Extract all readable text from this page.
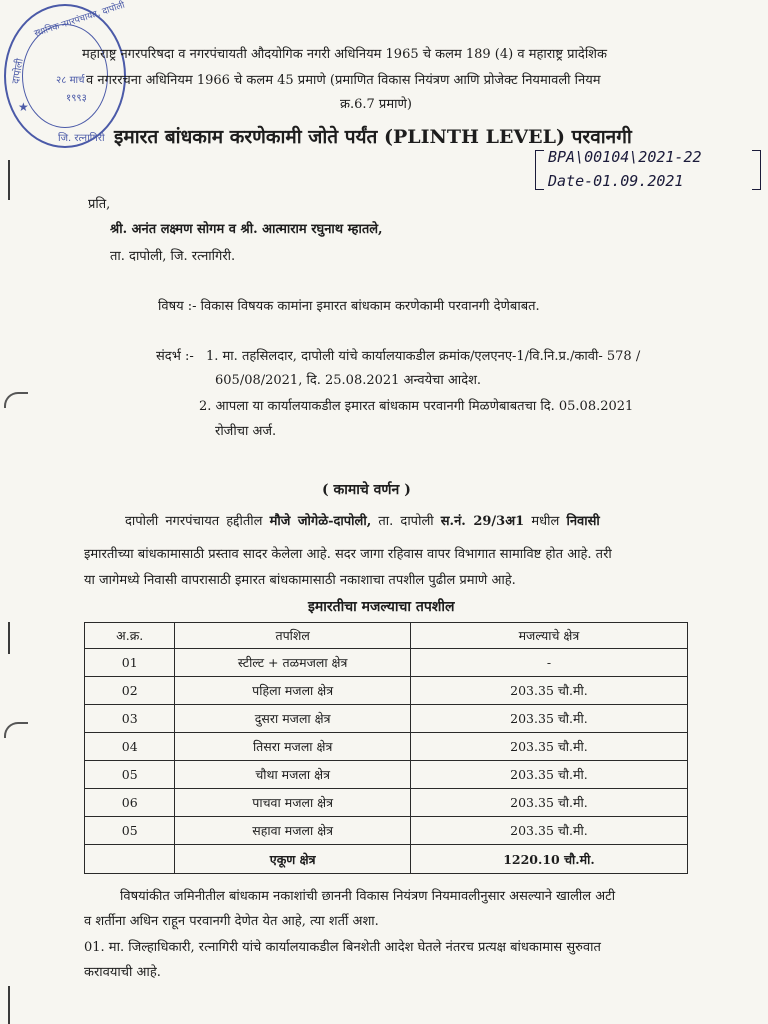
स्थानिक नगरपंचायत, दापोली
दापोली	२८ मार्च
१९९३
जि. रत्नागिरी
★
महाराष्ट्र नगरपरिषदा व नगरपंचायती औदयोगिक नगरी अधिनियम 1965 चे कलम 189 (4) व महाराष्ट्र प्रादेशिक
व नगररचना अधिनियम 1966 चे कलम 45 प्रमाणे (प्रमाणित विकास नियंत्रण आणि प्रोजेक्ट नियमावली नियम
क्र.6.7 प्रमाणे)
इमारत बांधकाम करणेकामी जोते पर्यंत (PLINTH LEVEL) परवानगी
BPA\00104\2021-22
Date-01.09.2021
प्रति,
श्री. अनंत लक्ष्मण सोगम व श्री. आत्माराम रघुनाथ म्हातले,
ता. दापोली, जि. रत्नागिरी.
विषय :- विकास विषयक कामांना इमारत बांधकाम करणेकामी परवानगी देणेबाबत.
संदर्भ :- 1. मा. तहसिलदार, दापोली यांचे कार्यालयाकडील क्रमांक/एलएनए-1/वि.नि.प्र./कावी- 578 /
605/08/2021, दि. 25.08.2021 अन्वयेचा आदेश.
2. आपला या कार्यालयाकडील इमारत बांधकाम परवानगी मिळणेबाबतचा दि. 05.08.2021
रोजीचा अर्ज.
( कामाचे वर्णन )
दापोली नगरपंचायत हद्दीतील मौजे जोगेळे-दापोली, ता. दापोली स.नं. 29/3अ1 मधील निवासी
इमारतीच्या बांधकामासाठी प्रस्ताव सादर केलेला आहे. सदर जागा रहिवास वापर विभागात सामाविष्ट होत आहे. तरी
या जागेमध्ये निवासी वापरासाठी इमारत बांधकामासाठी नकाशाचा तपशील पुढील प्रमाणे आहे.
इमारतीचा मजल्याचा तपशील
अ.क्र.	तपशिल	मजल्याचे क्षेत्र
01	स्टील्ट + तळमजला क्षेत्र	-
02	पहिला मजला क्षेत्र	203.35 चौ.मी.
03	दुसरा मजला क्षेत्र	203.35 चौ.मी.
04	तिसरा मजला क्षेत्र	203.35 चौ.मी.
05	चौथा मजला क्षेत्र	203.35 चौ.मी.
06	पाचवा मजला क्षेत्र	203.35 चौ.मी.
05	सहावा मजला क्षेत्र	203.35 चौ.मी.
	एकूण क्षेत्र	1220.10 चौ.मी.
विषयांकीत जमिनीतील बांधकाम नकाशांची छाननी विकास नियंत्रण नियमावलीनुसार असल्याने खालील अटी
व शर्तीना अधिन राहून परवानगी देणेत येत आहे, त्या शर्ती अशा.
01. मा. जिल्हाधिकारी, रत्नागिरी यांचे कार्यालयाकडील बिनशेती आदेश घेतले नंतरच प्रत्यक्ष बांधकामास सुरुवात
करावयाची आहे.
